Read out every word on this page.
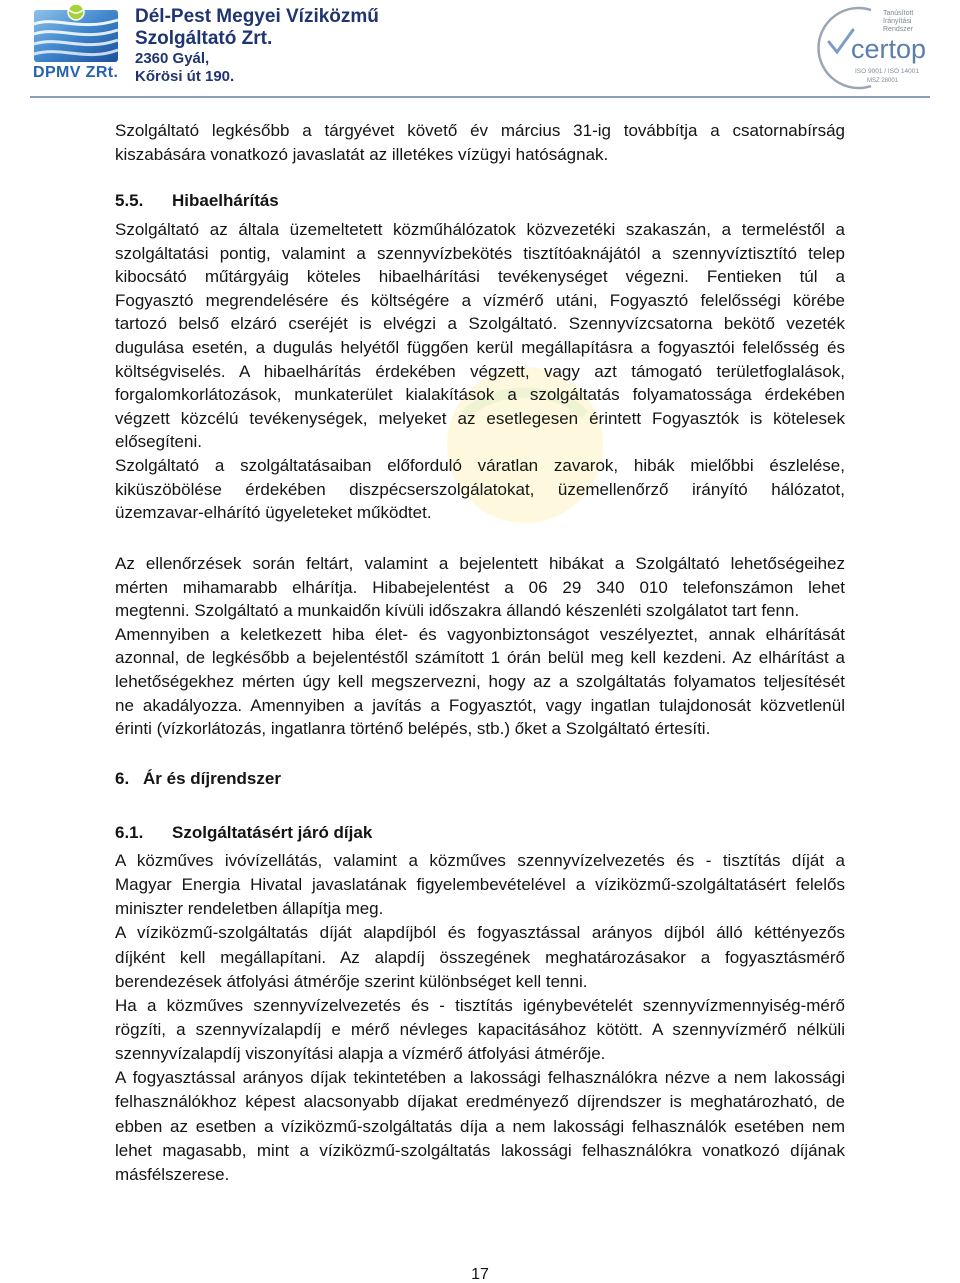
DPMV ZRt.
Dél-Pest Megyei Víziközmű
Szolgáltató Zrt.
2360 Gyál,
Kőrösi út 190.
Tanúsított
Irányítási
Rendszer
certop
ISO 9001 / ISO 14001
MSZ 28001
Szolgáltató legkésőbb a tárgyévet követő év március 31-ig továbbítja a csatornabírság
kiszabására vonatkozó javaslatát az illetékes vízügyi hatóságnak.
5.5. Hibaelhárítás
Szolgáltató az általa üzemeltetett közműhálózatok közvezetéki szakaszán, a termeléstől a
szolgáltatási pontig, valamint a szennyvízbekötés tisztítóaknájától a szennyvíztisztító telep
kibocsátó műtárgyáig köteles hibaelhárítási tevékenységet végezni. Fentieken túl a
Fogyasztó megrendelésére és költségére a vízmérő utáni, Fogyasztó felelősségi körébe
tartozó belső elzáró cseréjét is elvégzi a Szolgáltató. Szennyvízcsatorna bekötő vezeték
dugulása esetén, a dugulás helyétől függően kerül megállapításra a fogyasztói felelősség és
költségviselés. A hibaelhárítás érdekében végzett, vagy azt támogató területfoglalások,
forgalomkorlátozások, munkaterület kialakítások a szolgáltatás folyamatossága érdekében
végzett közcélú tevékenységek, melyeket az esetlegesen érintett Fogyasztók is kötelesek
elősegíteni.
Szolgáltató a szolgáltatásaiban előforduló váratlan zavarok, hibák mielőbbi észlelése,
kiküszöbölése érdekében diszpécserszolgálatokat, üzemellenőrző irányító hálózatot,
üzemzavar-elhárító ügyeleteket működtet.
Az ellenőrzések során feltárt, valamint a bejelentett hibákat a Szolgáltató lehetőségeihez
mérten mihamarabb elhárítja. Hibabejelentést a 06 29 340 010 telefonszámon lehet
megtenni. Szolgáltató a munkaidőn kívüli időszakra állandó készenléti szolgálatot tart fenn.
Amennyiben a keletkezett hiba élet- és vagyonbiztonságot veszélyeztet, annak elhárítását
azonnal, de legkésőbb a bejelentéstől számított 1 órán belül meg kell kezdeni. Az elhárítást a
lehetőségekhez mérten úgy kell megszervezni, hogy az a szolgáltatás folyamatos teljesítését
ne akadályozza. Amennyiben a javítás a Fogyasztót, vagy ingatlan tulajdonosát közvetlenül
érinti (vízkorlátozás, ingatlanra történő belépés, stb.) őket a Szolgáltató értesíti.
6. Ár és díjrendszer
6.1. Szolgáltatásért járó díjak
A közműves ivóvízellátás, valamint a közműves szennyvízelvezetés és - tisztítás díját a
Magyar Energia Hivatal javaslatának figyelembevételével a víziközmű-szolgáltatásért felelős
miniszter rendeletben állapítja meg.
A víziközmű-szolgáltatás díját alapdíjból és fogyasztással arányos díjból álló kéttényezős
díjként kell megállapítani. Az alapdíj összegének meghatározásakor a fogyasztásmérő
berendezések átfolyási átmérője szerint különbséget kell tenni.
Ha a közműves szennyvízelvezetés és - tisztítás igénybevételét szennyvízmennyiség-mérő
rögzíti, a szennyvízalapdíj e mérő névleges kapacitásához kötött. A szennyvízmérő nélküli
szennyvízalapdíj viszonyítási alapja a vízmérő átfolyási átmérője.
A fogyasztással arányos díjak tekintetében a lakossági felhasználókra nézve a nem lakossági
felhasználókhoz képest alacsonyabb díjakat eredményező díjrendszer is meghatározható, de
ebben az esetben a víziközmű-szolgáltatás díja a nem lakossági felhasználók esetében nem
lehet magasabb, mint a víziközmű-szolgáltatás lakossági felhasználókra vonatkozó díjának
másfélszerese.
17
